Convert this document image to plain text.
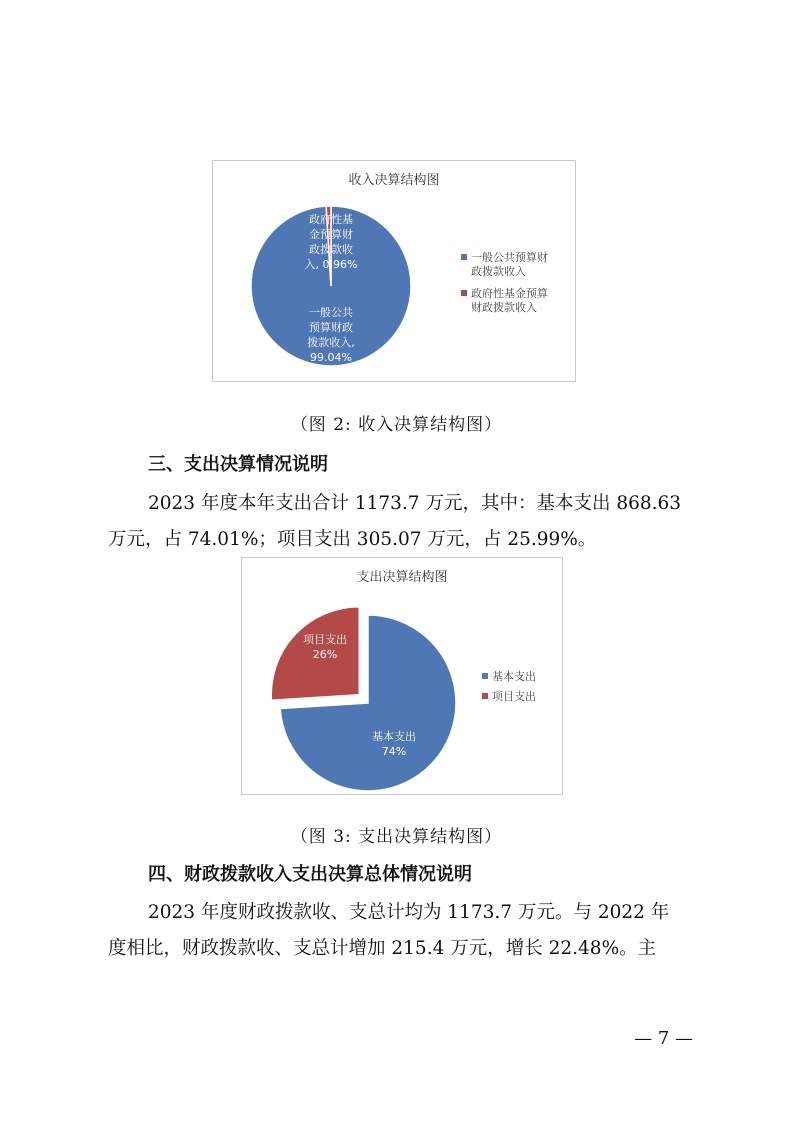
收入决算结构图
一般公共预算财政拨款收入, 99.04%
政府性基金预算财政拨款收入, 0.96%
一般公共预算财政拨款收入
政府性基金预算财政拨款收入
（图 2: 收入决算结构图）
三、支出决算情况说明
2023 年度本年支出合计 1173.7 万元，其中：基本支出 868.63
万元，占 74.01%；项目支出 305.07 万元，占 25.99%。
支出决算结构图
基本支出 74%
项目支出 26%
基本支出
项目支出
（图 3: 支出决算结构图）
四、财政拨款收入支出决算总体情况说明
2023 年度财政拨款收、支总计均为 1173.7 万元。与 2022 年
度相比，财政拨款收、支总计增加 215.4 万元，增长 22.48%。主
— 7 —
